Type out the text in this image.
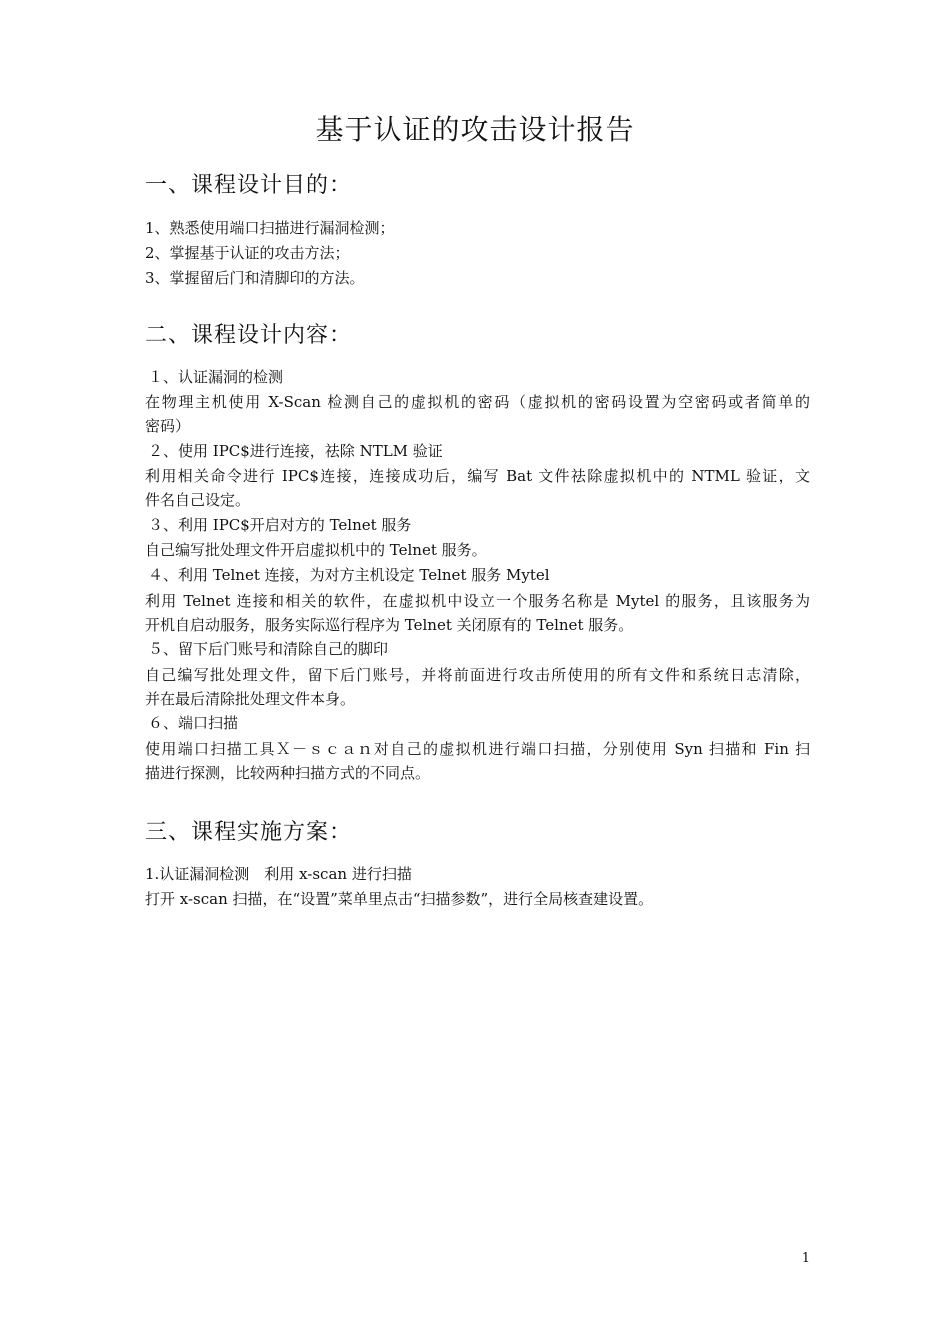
基于认证的攻击设计报告
一、课程设计目的：
1、熟悉使用端口扫描进行漏洞检测；
2、掌握基于认证的攻击方法；
3、掌握留后门和清脚印的方法。
二、课程设计内容：
１、认证漏洞的检测
在物理主机使用 X-Scan 检测自己的虚拟机的密码（虚拟机的密码设置为空密码或者简单的
密码）
２、使用 IPC$进行连接，祛除 NTLM 验证
利用相关命令进行 IPC$连接，连接成功后，编写 Bat 文件祛除虚拟机中的 NTML 验证，文
件名自己设定。
３、利用 IPC$开启对方的 Telnet 服务
自己编写批处理文件开启虚拟机中的 Telnet 服务。
４、利用 Telnet 连接，为对方主机设定 Telnet 服务 Mytel
利用 Telnet 连接和相关的软件，在虚拟机中设立一个服务名称是 Mytel 的服务，且该服务为
开机自启动服务，服务实际巡行程序为 Telnet 关闭原有的 Telnet 服务。
５、留下后门账号和清除自己的脚印
自己编写批处理文件，留下后门账号，并将前面进行攻击所使用的所有文件和系统日志清除，
并在最后清除批处理文件本身。
６、端口扫描
使用端口扫描工具Ｘ－ｓｃａｎ对自己的虚拟机进行端口扫描，分别使用 Syn 扫描和 Fin 扫
描进行探测，比较两种扫描方式的不同点。
三、课程实施方案：
1.认证漏洞检测　利用 x-scan 进行扫描
打开 x-scan 扫描，在“设置”菜单里点击“扫描参数”，进行全局核查建设置。
1
